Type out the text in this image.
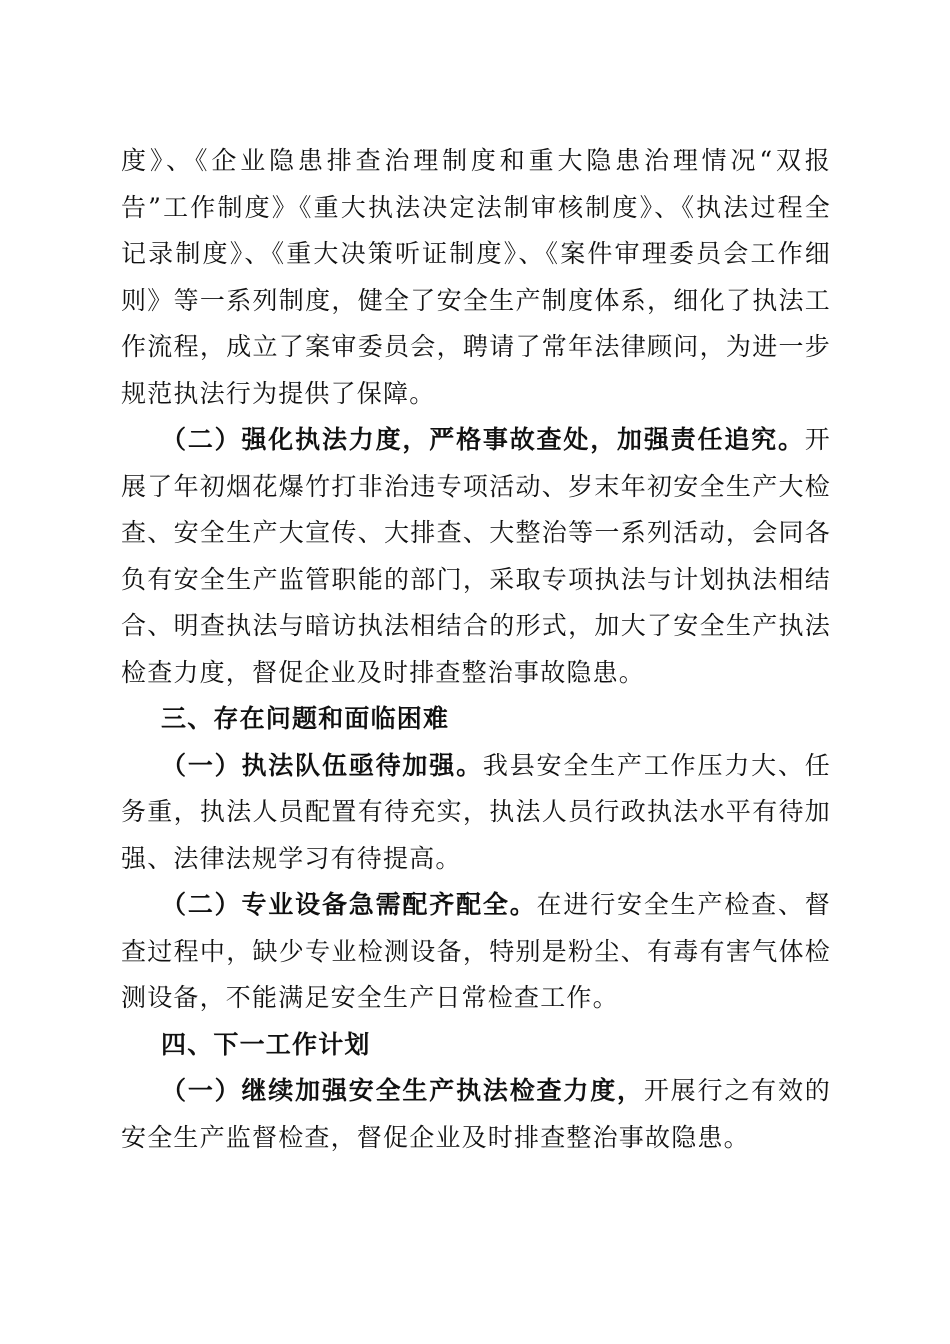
度》、《企业隐患排查治理制度和重大隐患治理情况“双报告”工作制度》《重大执法决定法制审核制度》、《执法过程全记录制度》、《重大决策听证制度》、《案件审理委员会工作细则》等一系列制度，健全了安全生产制度体系，细化了执法工作流程，成立了案审委员会，聘请了常年法律顾问，为进一步规范执法行为提供了保障。

（二）强化执法力度，严格事故查处，加强责任追究。开展了年初烟花爆竹打非治违专项活动、岁末年初安全生产大检查、安全生产大宣传、大排查、大整治等一系列活动，会同各负有安全生产监管职能的部门，采取专项执法与计划执法相结合、明查执法与暗访执法相结合的形式，加大了安全生产执法检查力度，督促企业及时排查整治事故隐患。

三、存在问题和面临困难

（一）执法队伍亟待加强。我县安全生产工作压力大、任务重，执法人员配置有待充实，执法人员行政执法水平有待加强、法律法规学习有待提高。

（二）专业设备急需配齐配全。在进行安全生产检查、督查过程中，缺少专业检测设备，特别是粉尘、有毒有害气体检测设备，不能满足安全生产日常检查工作。

四、下一工作计划

（一）继续加强安全生产执法检查力度，开展行之有效的安全生产监督检查，督促企业及时排查整治事故隐患。
